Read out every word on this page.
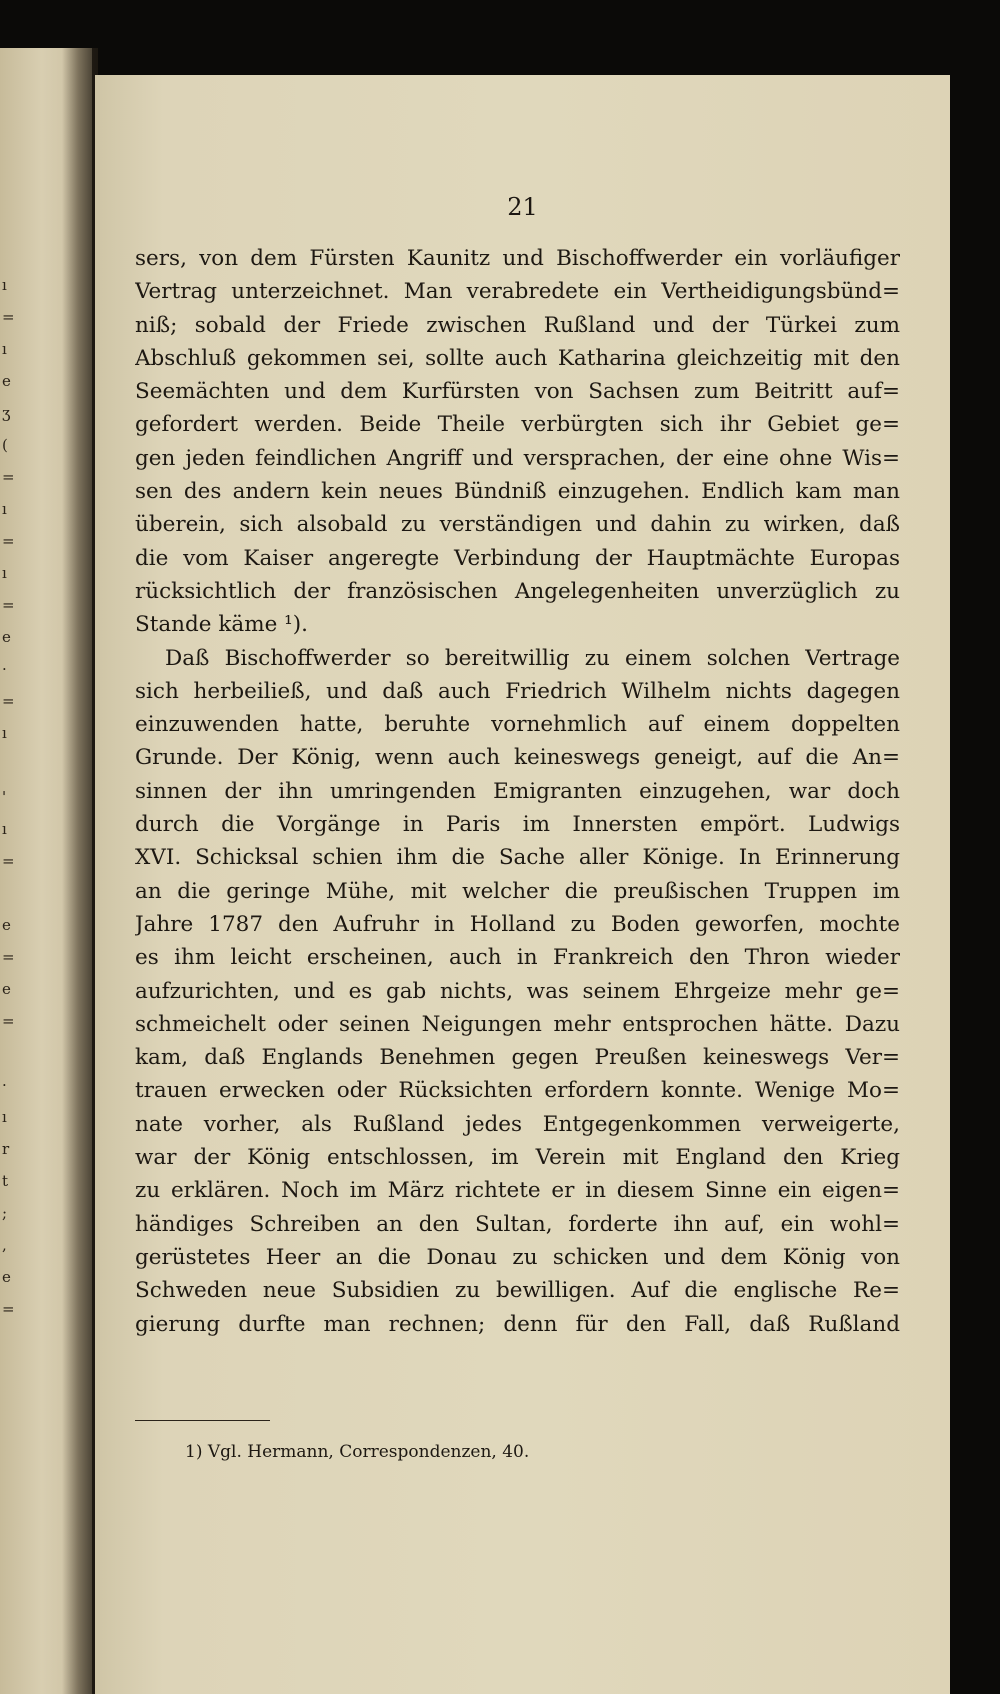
ı
=
ı
e
ʒ
(
=
ı
=
ı
=
e
·
=
ı
'
ı
=
e
=
e
=
·
ı
r
t
;
,
e
=
21
sers, von dem Fürsten Kaunitz und Bischoffwerder ein vorläufiger
Vertrag unterzeichnet. Man verabredete ein Vertheidigungsbünd=
niß; sobald der Friede zwischen Rußland und der Türkei zum
Abschluß gekommen sei, sollte auch Katharina gleichzeitig mit den
Seemächten und dem Kurfürsten von Sachsen zum Beitritt auf=
gefordert werden. Beide Theile verbürgten sich ihr Gebiet ge=
gen jeden feindlichen Angriff und versprachen, der eine ohne Wis=
sen des andern kein neues Bündniß einzugehen. Endlich kam man
überein, sich alsobald zu verständigen und dahin zu wirken, daß
die vom Kaiser angeregte Verbindung der Hauptmächte Europas
rücksichtlich der französischen Angelegenheiten unverzüglich zu
Stande käme ¹).
Daß Bischoffwerder so bereitwillig zu einem solchen Vertrage
sich herbeiließ, und daß auch Friedrich Wilhelm nichts dagegen
einzuwenden hatte, beruhte vornehmlich auf einem doppelten
Grunde. Der König, wenn auch keineswegs geneigt, auf die An=
sinnen der ihn umringenden Emigranten einzugehen, war doch
durch die Vorgänge in Paris im Innersten empört. Ludwigs
XVI. Schicksal schien ihm die Sache aller Könige. In Erinnerung
an die geringe Mühe, mit welcher die preußischen Truppen im
Jahre 1787 den Aufruhr in Holland zu Boden geworfen, mochte
es ihm leicht erscheinen, auch in Frankreich den Thron wieder
aufzurichten, und es gab nichts, was seinem Ehrgeize mehr ge=
schmeichelt oder seinen Neigungen mehr entsprochen hätte. Dazu
kam, daß Englands Benehmen gegen Preußen keineswegs Ver=
trauen erwecken oder Rücksichten erfordern konnte. Wenige Mo=
nate vorher, als Rußland jedes Entgegenkommen verweigerte,
war der König entschlossen, im Verein mit England den Krieg
zu erklären. Noch im März richtete er in diesem Sinne ein eigen=
händiges Schreiben an den Sultan, forderte ihn auf, ein wohl=
gerüstetes Heer an die Donau zu schicken und dem König von
Schweden neue Subsidien zu bewilligen. Auf die englische Re=
gierung durfte man rechnen; denn für den Fall, daß Rußland
1) Vgl. Hermann, Correspondenzen, 40.
